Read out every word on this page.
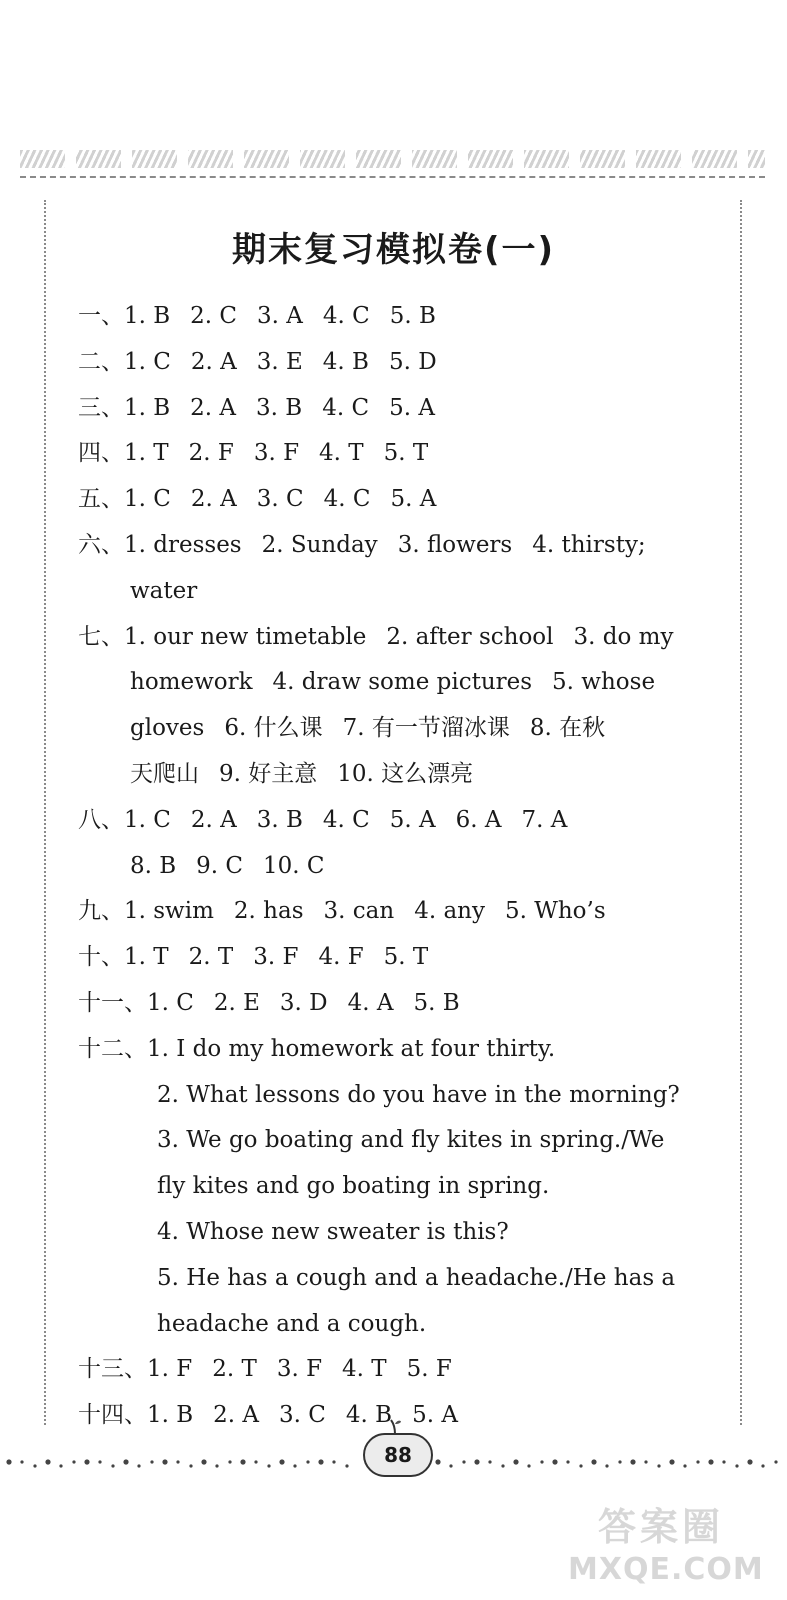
期末复习模拟卷(一)
一、1. B 2. C 3. A 4. C 5. B
二、1. C 2. A 3. E 4. B 5. D
三、1. B 2. A 3. B 4. C 5. A
四、1. T 2. F 3. F 4. T 5. T
五、1. C 2. A 3. C 4. C 5. A
六、1. dresses 2. Sunday 3. flowers 4. thirsty;
water
七、1. our new timetable 2. after school 3. do my
homework 4. draw some pictures 5. whose
gloves 6. 什么课 7. 有一节溜冰课 8. 在秋
天爬山 9. 好主意 10. 这么漂亮
八、1. C 2. A 3. B 4. C 5. A 6. A 7. A
8. B 9. C 10. C
九、1. swim 2. has 3. can 4. any 5. Who’s
十、1. T 2. T 3. F 4. F 5. T
十一、1. C 2. E 3. D 4. A 5. B
十二、1. I do my homework at four thirty.
2. What lessons do you have in the morning?
3. We go boating and fly kites in spring./We
fly kites and go boating in spring.
4. Whose new sweater is this?
5. He has a cough and a headache./He has a
headache and a cough.
十三、1. F 2. T 3. F 4. T 5. F
十四、1. B 2. A 3. C 4. B 5. A
88
答案圈
MXQE.COM
